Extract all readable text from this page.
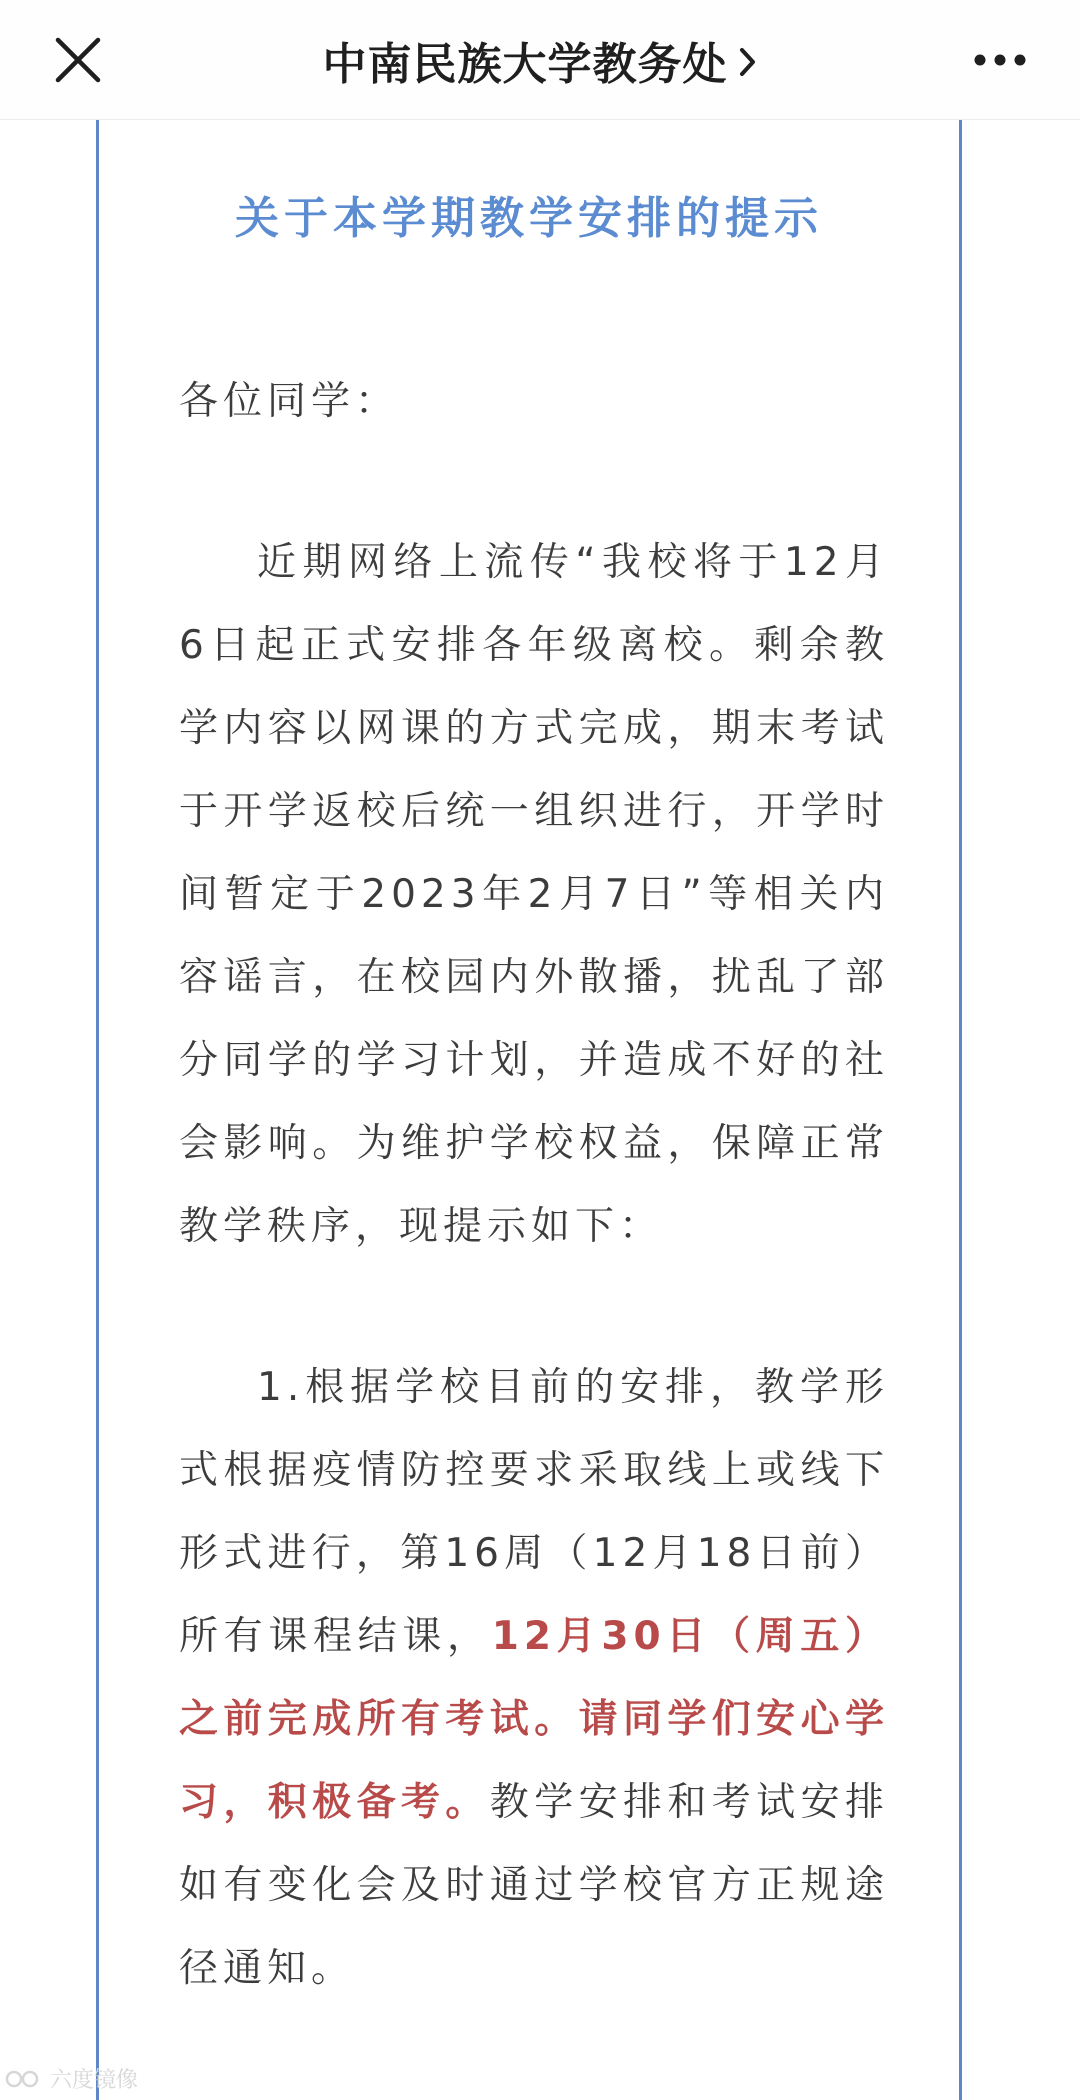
中南民族大学教务处
关于本学期教学安排的提示

各位同学：

近期网络上流传“我校将于12月6日起正式安排各年级离校。剩余教学内容以网课的方式完成，期末考试于开学返校后统一组织进行，开学时间暂定于2023年2月7日”等相关内容谣言，在校园内外散播，扰乱了部分同学的学习计划，并造成不好的社会影响。为维护学校权益，保障正常教学秩序，现提示如下：

1.根据学校目前的安排，教学形式根据疫情防控要求采取线上或线下形式进行，第16周（12月18日前）所有课程结课，12月30日（周五）之前完成所有考试。请同学们安心学习，积极备考。教学安排和考试安排如有变化会及时通过学校官方正规途径通知。

六度镜像
